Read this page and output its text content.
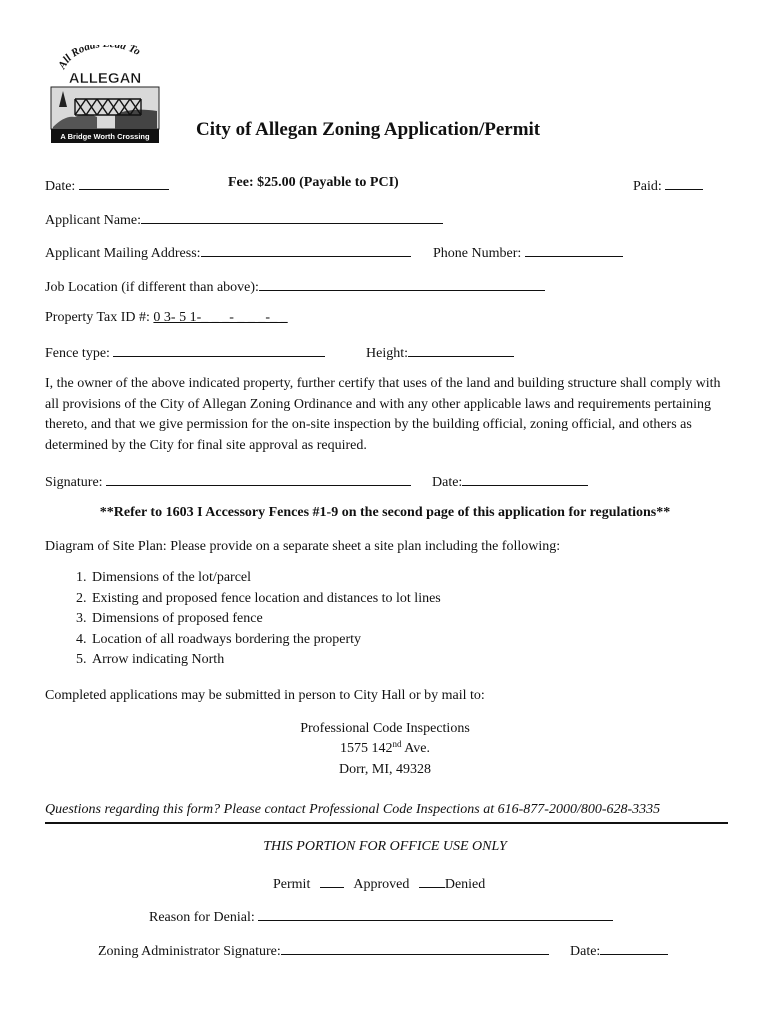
All Road d To
ALLEGAN
A Bridge Worth Crossing City of Allegan Zoning Application/Permit
Date:	Fee: $25.00 (Payable to PCI)	Paid:
Applicant Name:
Applicant Mailing Address:	Phone Number:
Job Location (if different than above):
Property Tax ID #: 0 3- 5 1-_ _ _- _ _ _-_ _
Fence type:	Height:
I, the owner of the above indicated property, further certify that uses of the land and building structure shall comply with all provisions of the City of Allegan Zoning Ordinance and with any other applicable laws and requirements pertaining thereto, and that we give permission for the on-site inspection by the building official, zoning official, and others as determined by the City for final site approval as required.
Signature:	Date:
**Refer to 1603 I Accessory Fences #1-9 on the second page of this application for regulations**
Diagram of Site Plan: Please provide on a separate sheet a site plan including the following:
1. Dimensions of the lot/parcel
2. Existing and proposed fence location and distances to lot lines
3. Dimensions of proposed fence
4. Location of all roadways bordering the property
5. Arrow indicating North
Completed applications may be submitted in person to City Hall or by mail to:
Professional Code Inspections
1575 142nd Ave.
Dorr, MI, 49328
Questions regarding this form? Please contact Professional Code Inspections at 616-877-2000/800-628-3335
THIS PORTION FOR OFFICE USE ONLY
Permit	Approved	Denied
Reason for Denial:
Zoning Administrator Signature:	Date:
